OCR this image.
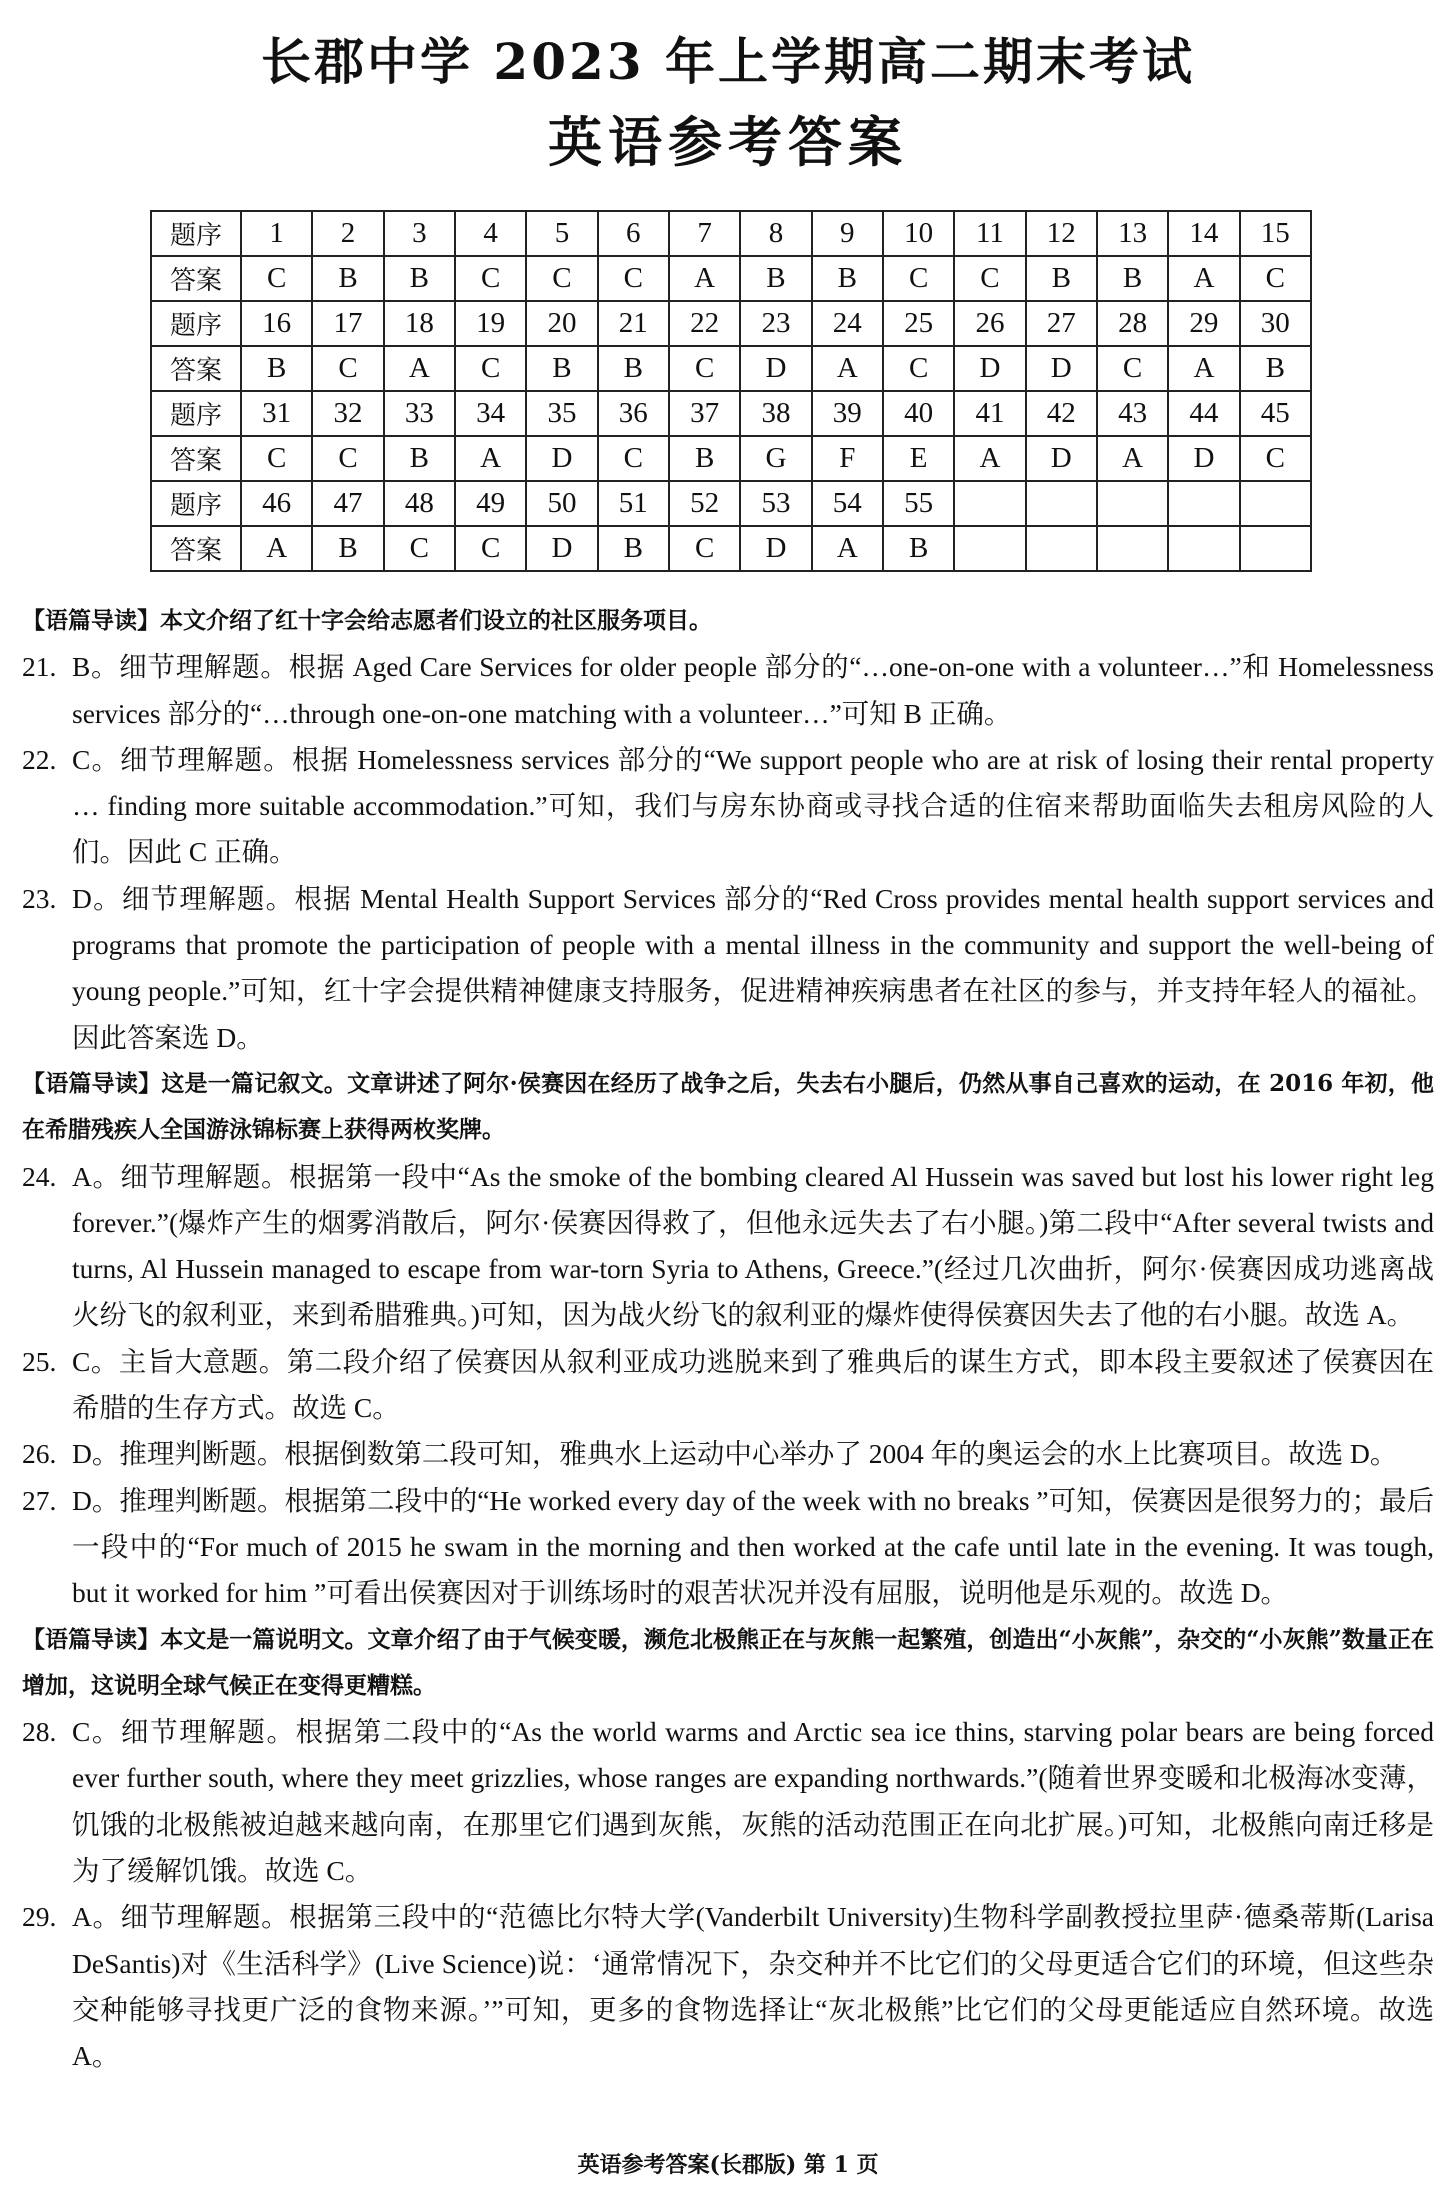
长郡中学 2023 年上学期高二期末考试
英语参考答案
题序	1	2	3	4	5	6	7	8	9	10	11	12	13	14	15
答案	C	B	B	C	C	C	A	B	B	C	C	B	B	A	C
题序	16	17	18	19	20	21	22	23	24	25	26	27	28	29	30
答案	B	C	A	C	B	B	C	D	A	C	D	D	C	A	B
题序	31	32	33	34	35	36	37	38	39	40	41	42	43	44	45
答案	C	C	B	A	D	C	B	G	F	E	A	D	A	D	C
题序	46	47	48	49	50	51	52	53	54	55					
答案	A	B	C	C	D	B	C	D	A	B					
【语篇导读】本文介绍了红十字会给志愿者们设立的社区服务项目。
21. B。细节理解题。根据 Aged Care Services for older people 部分的“…one-on-one with a volunteer…”和 Homelessness services 部分的“…through one-on-one matching with a volunteer…”可知 B 正确。
22. C。细节理解题。根据 Homelessness services 部分的“We support people who are at risk of losing their rental property … finding more suitable accommodation.”可知，我们与房东协商或寻找合适的住宿来帮助面临失去租房风险的人们。因此 C 正确。
23. D。细节理解题。根据 Mental Health Support Services 部分的“Red Cross provides mental health support services and programs that promote the participation of people with a mental illness in the community and support the well-being of young people.”可知，红十字会提供精神健康支持服务，促进精神疾病患者在社区的参与，并支持年轻人的福祉。因此答案选 D。
【语篇导读】这是一篇记叙文。文章讲述了阿尔·侯赛因在经历了战争之后，失去右小腿后，仍然从事自己喜欢的运动，在 2016 年初，他在希腊残疾人全国游泳锦标赛上获得两枚奖牌。
24. A。细节理解题。根据第一段中“As the smoke of the bombing cleared Al Hussein was saved but lost his lower right leg forever.”(爆炸产生的烟雾消散后，阿尔·侯赛因得救了，但他永远失去了右小腿。)第二段中“After several twists and turns, Al Hussein managed to escape from war-torn Syria to Athens, Greece.”(经过几次曲折，阿尔·侯赛因成功逃离战火纷飞的叙利亚，来到希腊雅典。)可知，因为战火纷飞的叙利亚的爆炸使得侯赛因失去了他的右小腿。故选 A。
25. C。主旨大意题。第二段介绍了侯赛因从叙利亚成功逃脱来到了雅典后的谋生方式，即本段主要叙述了侯赛因在希腊的生存方式。故选 C。
26. D。推理判断题。根据倒数第二段可知，雅典水上运动中心举办了 2004 年的奥运会的水上比赛项目。故选 D。
27. D。推理判断题。根据第二段中的“He worked every day of the week with no breaks ”可知，侯赛因是很努力的；最后一段中的“For much of 2015 he swam in the morning and then worked at the cafe until late in the evening. It was tough, but it worked for him ”可看出侯赛因对于训练场时的艰苦状况并没有屈服，说明他是乐观的。故选 D。
【语篇导读】本文是一篇说明文。文章介绍了由于气候变暖，濒危北极熊正在与灰熊一起繁殖，创造出“小灰熊”，杂交的“小灰熊”数量正在增加，这说明全球气候正在变得更糟糕。
28. C。细节理解题。根据第二段中的“As the world warms and Arctic sea ice thins, starving polar bears are being forced ever further south, where they meet grizzlies, whose ranges are expanding northwards.”(随着世界变暖和北极海冰变薄，饥饿的北极熊被迫越来越向南，在那里它们遇到灰熊，灰熊的活动范围正在向北扩展。)可知，北极熊向南迁移是为了缓解饥饿。故选 C。
29. A。细节理解题。根据第三段中的“范德比尔特大学(Vanderbilt University)生物科学副教授拉里萨·德桑蒂斯(Larisa DeSantis)对《生活科学》(Live Science)说：‘通常情况下，杂交种并不比它们的父母更适合它们的环境，但这些杂交种能够寻找更广泛的食物来源。’”可知，更多的食物选择让“灰北极熊”比它们的父母更能适应自然环境。故选 A。
英语参考答案(长郡版) 第 1 页
